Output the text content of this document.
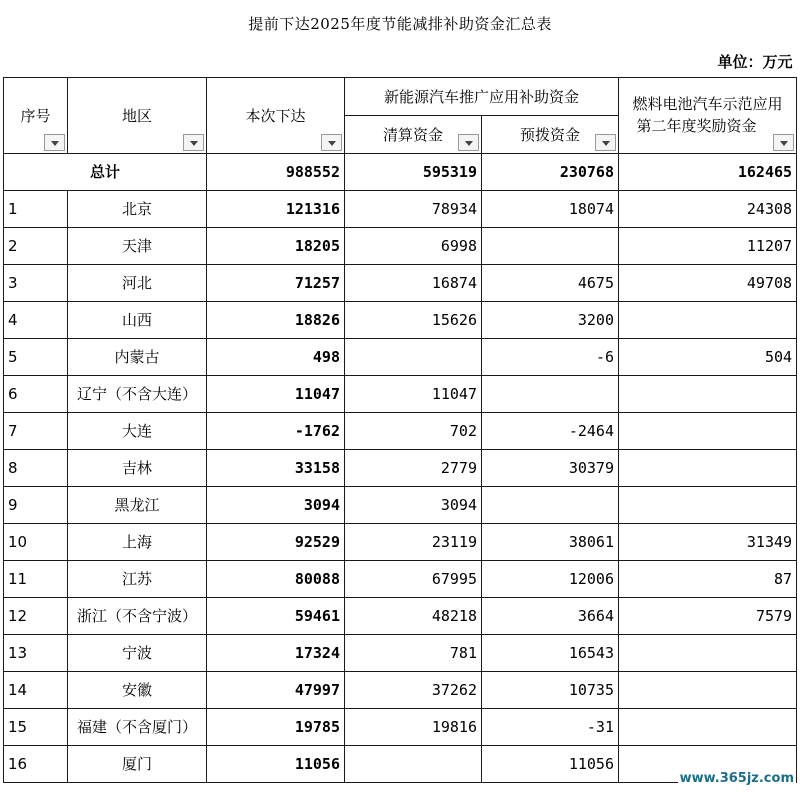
提前下达2025年度节能减排补助资金汇总表					
单位：万元					
序号	地区	本次下达	新能源汽车推广应用补助资金		燃料电池汽车示范应用
第二年度奖励资金

			清算资金	预拨资金	

总计		988552	595319	230768	162465
1	北京	121316	78934	18074	24308
2	天津	18205	6998		11207
3	河北	71257	16874	4675	49708
4	山西	18826	15626	3200	
5	内蒙古	498		-6	504
6	辽宁（不含大连）	11047	11047		
7	大连	-1762	702	-2464	
8	吉林	33158	2779	30379	
9	黑龙江	3094	3094		
10	上海	92529	23119	38061	31349
11	江苏	80088	67995	12006	87
12	浙江（不含宁波）	59461	48218	3664	7579
13	宁波	17324	781	16543	
14	安徽	47997	37262	10735	
15	福建（不含厦门）	19785	19816	-31	
16	厦门	11056		11056	
www.365jz.com
